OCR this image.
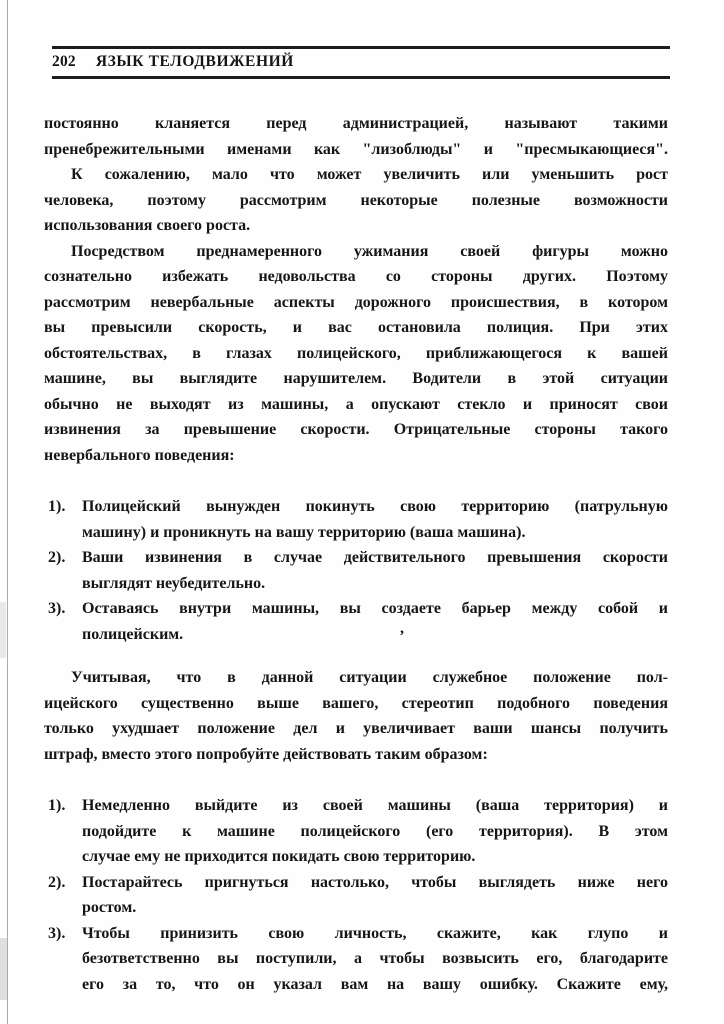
202 ЯЗЫК ТЕЛОДВИЖЕНИЙ
постоянно кланяется перед администрацией, называют такими
пренебрежительными именами как "лизоблюды" и "пресмыкающиеся".
К сожалению, мало что может увеличить или уменьшить рост
человека, поэтому рассмотрим некоторые полезные возможности
использования своего роста.
Посредством преднамеренного ужимания своей фигуры можно
сознательно избежать недовольства со стороны других. Поэтому
рассмотрим невербальные аспекты дорожного происшествия, в котором
вы превысили скорость, и вас остановила полиция. При этих
обстоятельствах, в глазах полицейского, приближающегося к вашей
машине, вы выглядите нарушителем. Водители в этой ситуации
обычно не выходят из машины, а опускают стекло и приносят свои
извинения за превышение скорости. Отрицательные стороны такого
невербального поведения:
1). Полицейский вынужден покинуть свою территорию (патрульную
машину) и проникнуть на вашу территорию (ваша машина).
2). Ваши извинения в случае действительного превышения скорости
выглядят неубедительно.
3). Оставаясь внутри машины, вы создаете барьер между собой и
полицейским.
Учитывая, что в данной ситуации служебное положение пол-
ицейского существенно выше вашего, стереотип подобного поведения
только ухудшает положение дел и увеличивает ваши шансы получить
штраф, вместо этого попробуйте действовать таким образом:
1). Немедленно выйдите из своей машины (ваша территория) и
подойдите к машине полицейского (его территория). В этом
случае ему не приходится покидать свою территорию.
2). Постарайтесь пригнуться настолько, чтобы выглядеть ниже него
ростом.
3). Чтобы принизить свою личность, скажите, как глупо и
безответственно вы поступили, а чтобы возвысить его, благодарите
его за то, что он указал вам на вашу ошибку. Скажите ему,
,
